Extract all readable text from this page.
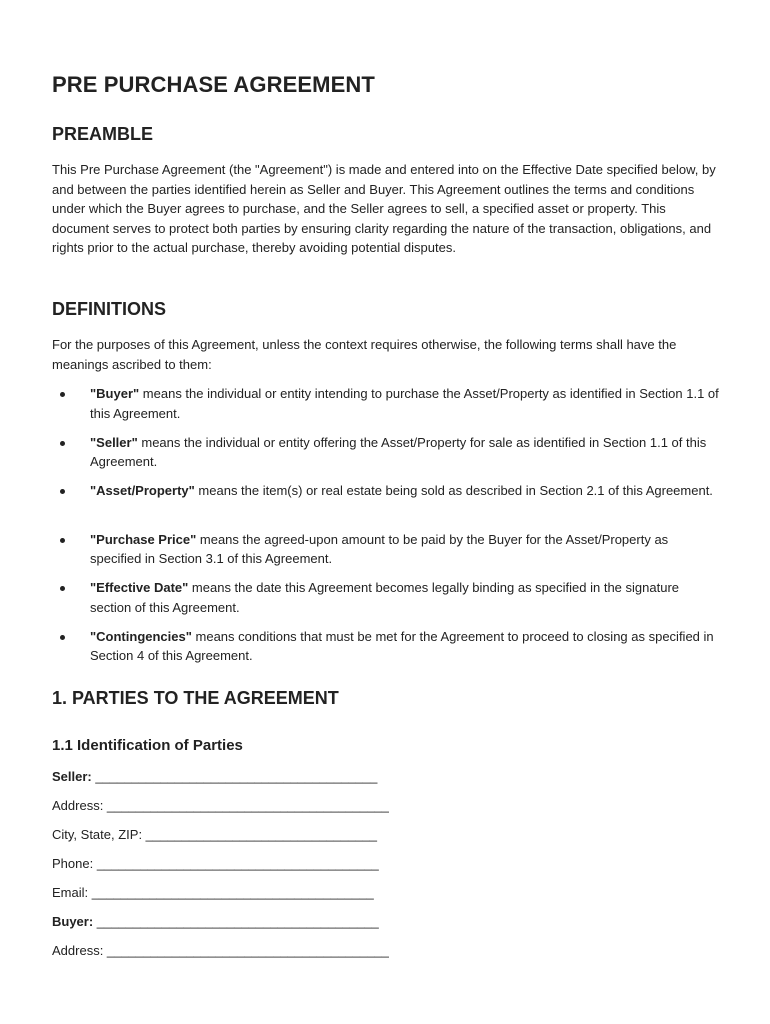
PRE PURCHASE AGREEMENT
PREAMBLE

This Pre Purchase Agreement (the "Agreement") is made and entered into on the Effective Date specified below, by and between the parties identified herein as Seller and Buyer. This Agreement outlines the terms and conditions under which the Buyer agrees to purchase, and the Seller agrees to sell, a specified asset or property. This document serves to protect both parties by ensuring clarity regarding the nature of the transaction, obligations, and rights prior to the actual purchase, thereby avoiding potential disputes.

DEFINITIONS

For the purposes of this Agreement, unless the context requires otherwise, the following terms shall have the meanings ascribed to them:

"Buyer" means the individual or entity intending to purchase the Asset/Property as identified in Section 1.1 of this Agreement.
"Seller" means the individual or entity offering the Asset/Property for sale as identified in Section 1.1 of this Agreement.
"Asset/Property" means the item(s) or real estate being sold as described in Section 2.1 of this Agreement.
"Purchase Price" means the agreed-upon amount to be paid by the Buyer for the Asset/Property as specified in Section 3.1 of this Agreement.
"Effective Date" means the date this Agreement becomes legally binding as specified in the signature section of this Agreement.
"Contingencies" means conditions that must be met for the Agreement to proceed to closing as specified in Section 4 of this Agreement.
1. PARTIES TO THE AGREEMENT
1.1 Identification of Parties

Seller: _______________________________________

Address: _______________________________________

City, State, ZIP: ________________________________

Phone: _______________________________________

Email: _______________________________________

Buyer: _______________________________________

Address: _______________________________________
